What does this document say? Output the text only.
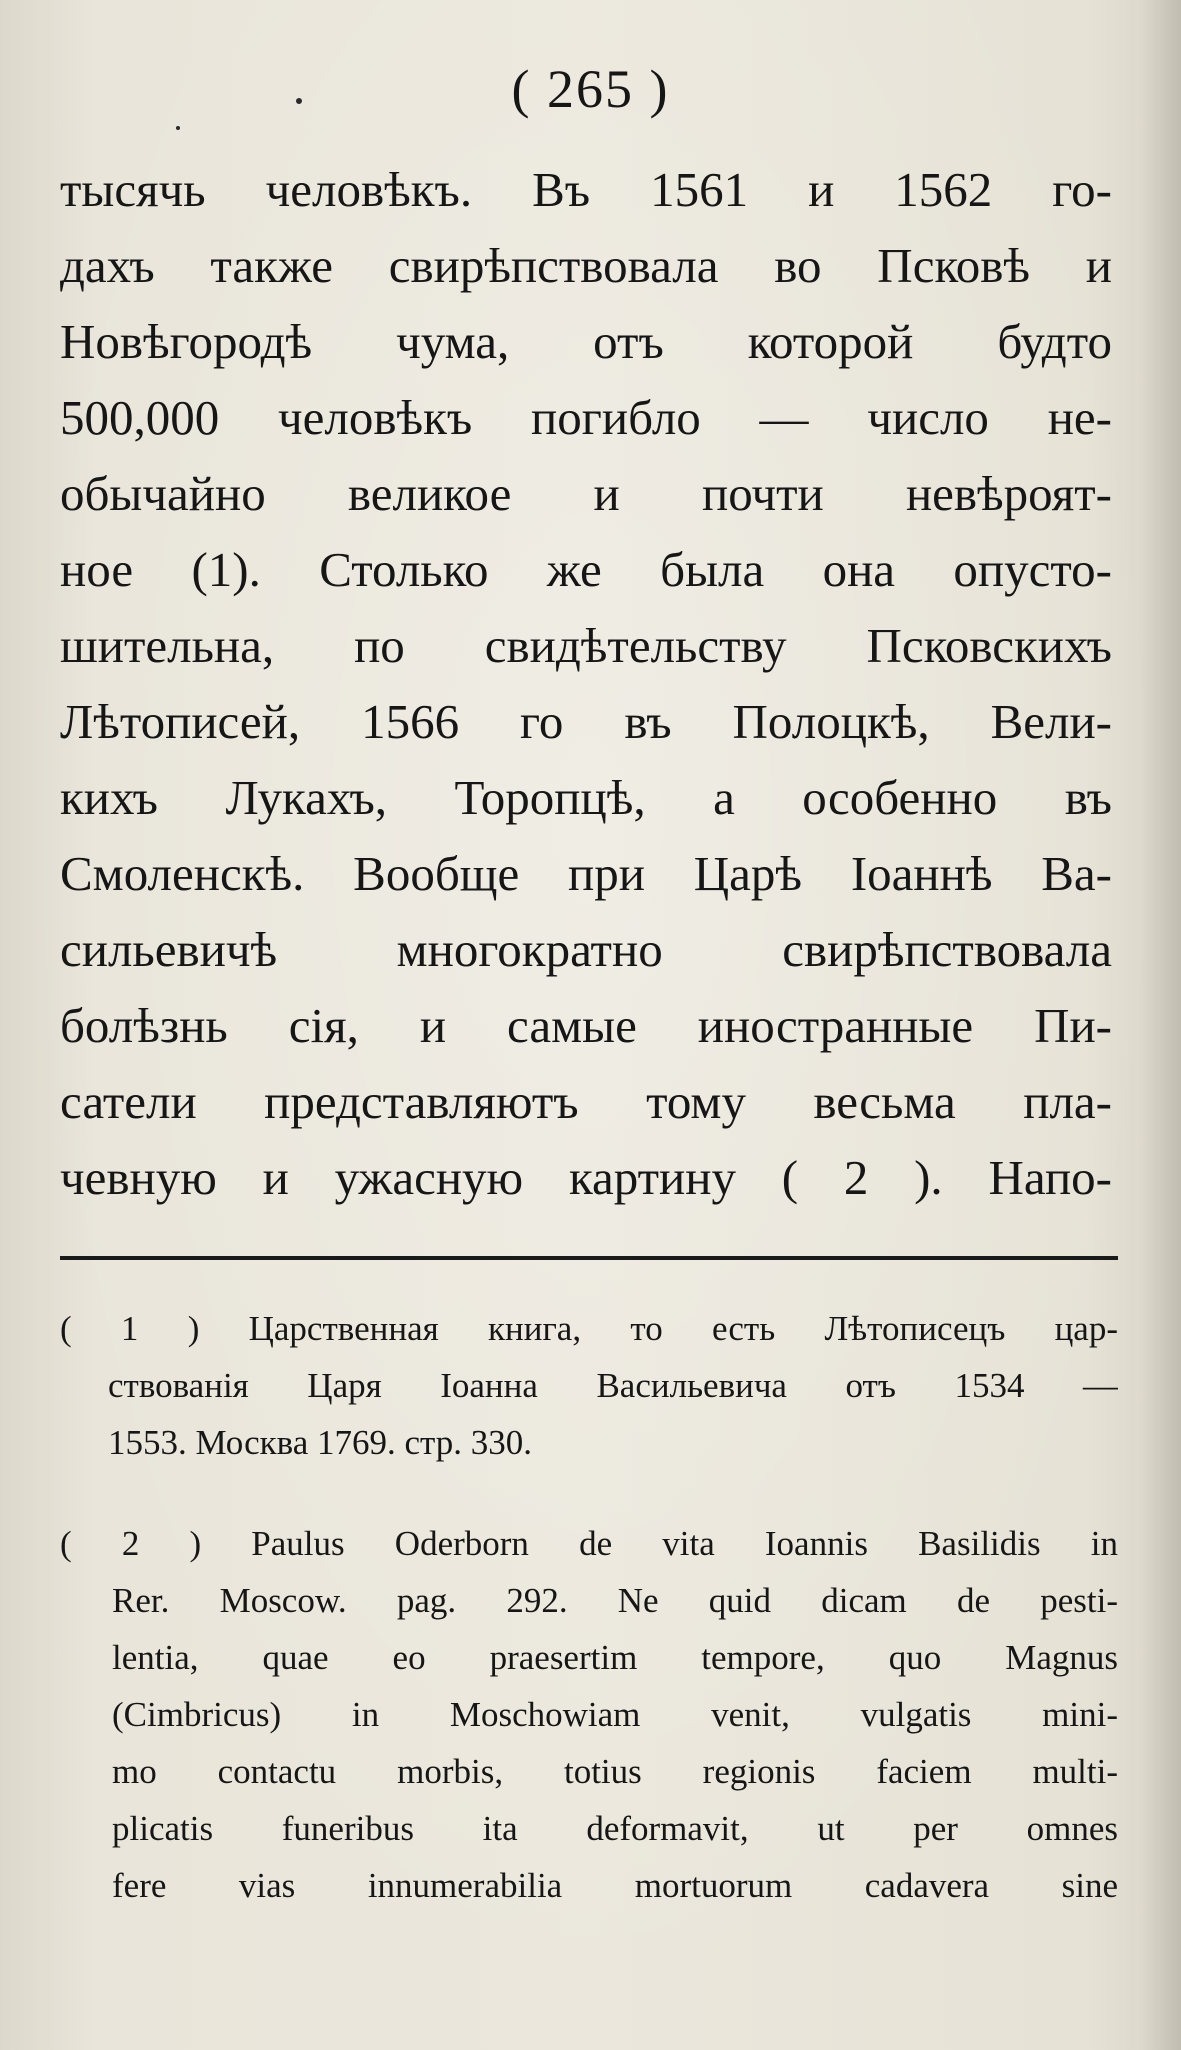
( 265 )
тысячь человѣкъ. Въ 1561 и 1562 го-
дахъ также свирѣпствовала во Псковѣ и
Новѣгородѣ чума, отъ которой будто
500,000 человѣкъ погибло — число не-
обычайно великое и почти невѣроят-
ное (1). Столько же была она опусто-
шительна, по свидѣтельству Псковскихъ
Лѣтописей, 1566 го въ Полоцкѣ, Вели-
кихъ Лукахъ, Торопцѣ, а особенно въ
Смоленскѣ. Вообще при Царѣ Іоаннѣ Ва-
сильевичѣ многократно свирѣпствовала
болѣзнь сія, и самые иностранные Пи-
сатели представляютъ тому весьма пла-
чевную и ужасную картину ( 2 ). Напо-
( 1 ) Царственная книга, то есть Лѣтописецъ цар-
ствованія Царя Іоанна Васильевича отъ 1534 —
1553. Москва 1769. стр. 330.
( 2 ) Paulus Oderborn de vita Ioannis Basilidis in
Rer. Moscow. pag. 292. Ne quid dicam de pesti-
lentia, quae eo praesertim tempore, quo Magnus
(Cimbricus) in Moschowiam venit, vulgatis mini-
mo contactu morbis, totius regionis faciem multi-
plicatis funeribus ita deformavit, ut per omnes
fere vias innumerabilia mortuorum cadavera sine
